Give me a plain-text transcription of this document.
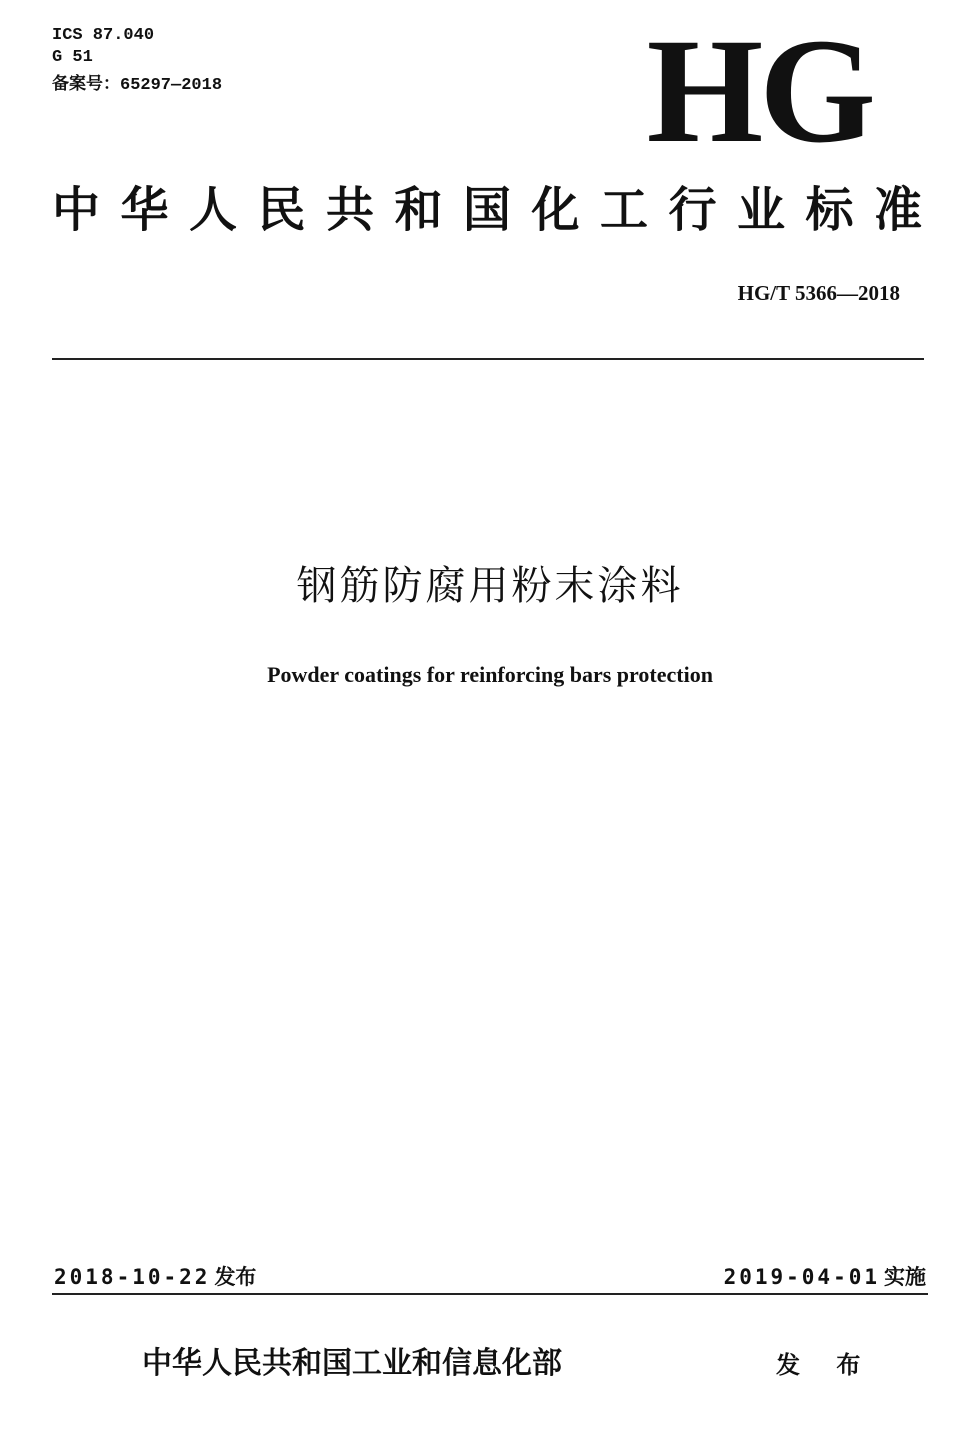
ICS 87.040
G 51
备案号：65297—2018	HG
中华人民共和国化工行业标准
HG/T 5366—2018
钢筋防腐用粉末涂料
Powder coatings for reinforcing bars protection
2018-10-22 发布	2019-04-01 实施
中华人民共和国工业和信息化部	发 布
